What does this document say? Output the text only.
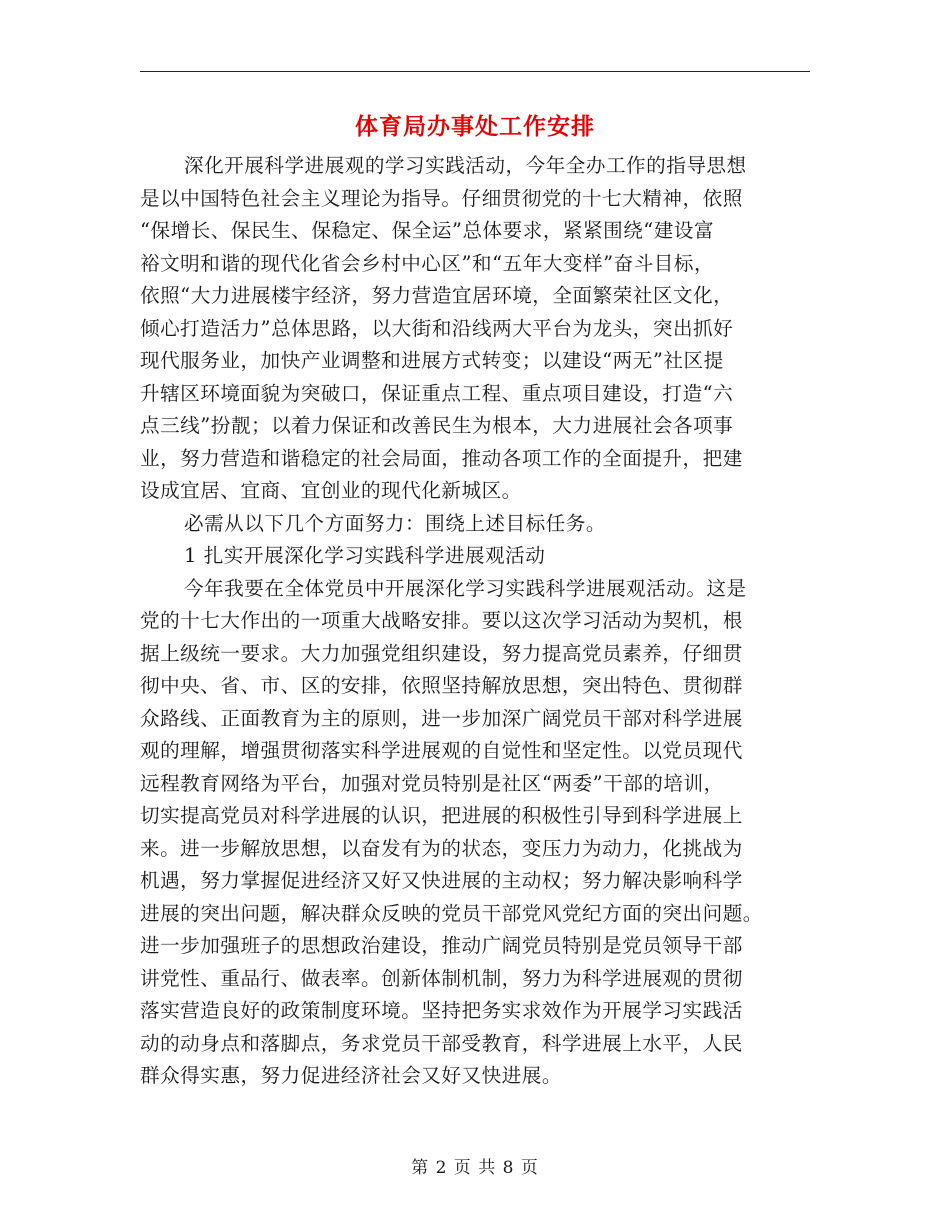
体育局办事处工作安排
深化开展科学进展观的学习实践活动，今年全办工作的指导思想
是以中国特色社会主义理论为指导。仔细贯彻党的十七大精神，依照
“保增长、保民生、保稳定、保全运”总体要求，紧紧围绕“建设富
裕文明和谐的现代化省会乡村中心区”和“五年大变样”奋斗目标，
依照“大力进展楼宇经济，努力营造宜居环境，全面繁荣社区文化，
倾心打造活力”总体思路，以大街和沿线两大平台为龙头，突出抓好
现代服务业，加快产业调整和进展方式转变；以建设“两无”社区提
升辖区环境面貌为突破口，保证重点工程、重点项目建设，打造“六
点三线”扮靓；以着力保证和改善民生为根本，大力进展社会各项事
业，努力营造和谐稳定的社会局面，推动各项工作的全面提升，把建
设成宜居、宜商、宜创业的现代化新城区。
必需从以下几个方面努力：围绕上述目标任务。
1 扎实开展深化学习实践科学进展观活动
今年我要在全体党员中开展深化学习实践科学进展观活动。这是
党的十七大作出的一项重大战略安排。要以这次学习活动为契机，根
据上级统一要求。大力加强党组织建设，努力提高党员素养，仔细贯
彻中央、省、市、区的安排，依照坚持解放思想，突出特色、贯彻群
众路线、正面教育为主的原则，进一步加深广阔党员干部对科学进展
观的理解，增强贯彻落实科学进展观的自觉性和坚定性。以党员现代
远程教育网络为平台，加强对党员特别是社区“两委”干部的培训，
切实提高党员对科学进展的认识，把进展的积极性引导到科学进展上
来。进一步解放思想，以奋发有为的状态，变压力为动力，化挑战为
机遇，努力掌握促进经济又好又快进展的主动权；努力解决影响科学
进展的突出问题，解决群众反映的党员干部党风党纪方面的突出问题。
进一步加强班子的思想政治建设，推动广阔党员特别是党员领导干部
讲党性、重品行、做表率。创新体制机制，努力为科学进展观的贯彻
落实营造良好的政策制度环境。坚持把务实求效作为开展学习实践活
动的动身点和落脚点，务求党员干部受教育，科学进展上水平，人民
群众得实惠，努力促进经济社会又好又快进展。
第 2 页 共 8 页
